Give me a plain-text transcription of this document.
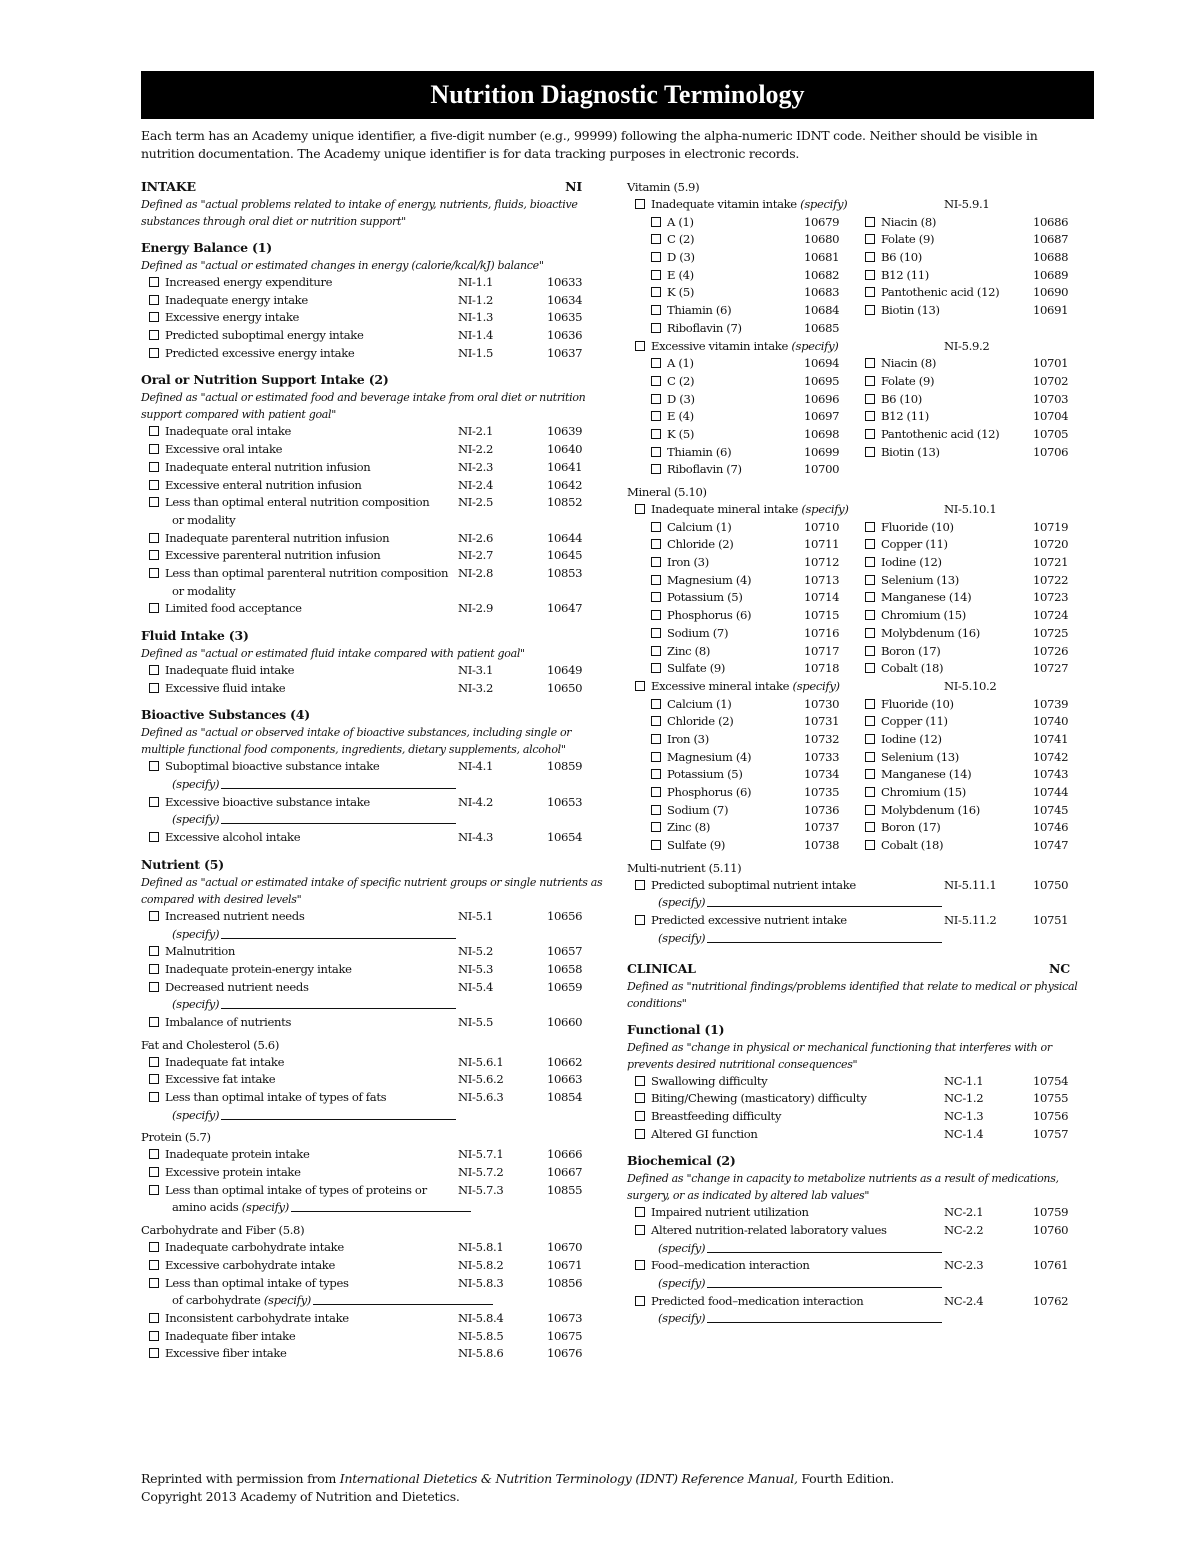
Nutrition Diagnostic Terminology
Each term has an Academy unique identifier, a five-digit number (e.g., 99999) following the alpha-numeric IDNT code. Neither should be visible in nutrition documentation. The Academy unique identifier is for data tracking purposes in electronic records.
INTAKE	NI
Defined as "actual problems related to intake of energy, nutrients, fluids, bioactive substances through oral diet or nutrition support"
Energy Balance (1)
Defined as "actual or estimated changes in energy (calorie/kcal/kJ) balance"
Increased energy expenditure	NI-1.1	10633
Inadequate energy intake	NI-1.2	10634
Excessive energy intake	NI-1.3	10635
Predicted suboptimal energy intake	NI-1.4	10636
Predicted excessive energy intake	NI-1.5	10637
Oral or Nutrition Support Intake (2)
Defined as "actual or estimated food and beverage intake from oral diet or nutrition support compared with patient goal"
Inadequate oral intake	NI-2.1	10639
Excessive oral intake	NI-2.2	10640
Inadequate enteral nutrition infusion	NI-2.3	10641
Excessive enteral nutrition infusion	NI-2.4	10642
Less than optimal enteral nutrition composition NI-2.5	10852
or modality
Inadequate parenteral nutrition infusion	NI-2.6	10644
Excessive parenteral nutrition infusion	NI-2.7	10645
Less than optimal parenteral nutrition composition NI-2.8	10853
or modality
Limited food acceptance	NI-2.9	10647
Fluid Intake (3)
Defined as "actual or estimated fluid intake compared with patient goal"
Inadequate fluid intake	NI-3.1	10649
Excessive fluid intake	NI-3.2	10650
Bioactive Substances (4)
Defined as "actual or observed intake of bioactive substances, including single or multiple functional food components, ingredients, dietary supplements, alcohol"
Suboptimal bioactive substance intake	NI-4.1	10859
(specify)
Excessive bioactive substance intake	NI-4.2	10653
(specify)
Excessive alcohol intake	NI-4.3	10654
Nutrient (5)
Defined as "actual or estimated intake of specific nutrient groups or single nutrients as compared with desired levels"
Increased nutrient needs	NI-5.1	10656
(specify)
Malnutrition	NI-5.2	10657
Inadequate protein-energy intake	NI-5.3	10658
Decreased nutrient needs	NI-5.4	10659
(specify)
Imbalance of nutrients	NI-5.5	10660
Fat and Cholesterol (5.6)
Inadequate fat intake	NI-5.6.1	10662
Excessive fat intake	NI-5.6.2	10663
Less than optimal intake of types of fats	NI-5.6.3	10854
(specify)
Protein (5.7)
Inadequate protein intake	NI-5.7.1	10666
Excessive protein intake	NI-5.7.2	10667
Less than optimal intake of types of proteins or	NI-5.7.3	10855
amino acids (specify)
Carbohydrate and Fiber (5.8)
Inadequate carbohydrate intake	NI-5.8.1	10670
Excessive carbohydrate intake	NI-5.8.2	10671
Less than optimal intake of types	NI-5.8.3	10856
of carbohydrate (specify)
Inconsistent carbohydrate intake	NI-5.8.4	10673
Inadequate fiber intake	NI-5.8.5	10675
Excessive fiber intake	NI-5.8.6	10676
Vitamin (5.9)
Inadequate vitamin intake (specify)	NI-5.9.1
A (1)	10679	Niacin (8)	10686
C (2)	10680	Folate (9)	10687
D (3)	10681	B6 (10)	10688
E (4)	10682	B12 (11)	10689
K (5)	10683	Pantothenic acid (12)	10690
Thiamin (6)	10684	Biotin (13)	10691
Riboflavin (7)	10685
Excessive vitamin intake (specify)	NI-5.9.2
A (1)	10694	Niacin (8)	10701
C (2)	10695	Folate (9)	10702
D (3)	10696	B6 (10)	10703
E (4)	10697	B12 (11)	10704
K (5)	10698	Pantothenic acid (12)	10705
Thiamin (6)	10699	Biotin (13)	10706
Riboflavin (7)	10700
Mineral (5.10)
Inadequate mineral intake (specify)	NI-5.10.1
Calcium (1)	10710	Fluoride (10)	10719
Chloride (2)	10711	Copper (11)	10720
Iron (3)	10712	Iodine (12)	10721
Magnesium (4)	10713	Selenium (13)	10722
Potassium (5)	10714	Manganese (14)	10723
Phosphorus (6)	10715	Chromium (15)	10724
Sodium (7)	10716	Molybdenum (16)	10725
Zinc (8)	10717	Boron (17)	10726
Sulfate (9)	10718	Cobalt (18)	10727
Excessive mineral intake (specify)	NI-5.10.2
Calcium (1)	10730	Fluoride (10)	10739
Chloride (2)	10731	Copper (11)	10740
Iron (3)	10732	Iodine (12)	10741
Magnesium (4)	10733	Selenium (13)	10742
Potassium (5)	10734	Manganese (14)	10743
Phosphorus (6)	10735	Chromium (15)	10744
Sodium (7)	10736	Molybdenum (16)	10745
Zinc (8)	10737	Boron (17)	10746
Sulfate (9)	10738	Cobalt (18)	10747
Multi-nutrient (5.11)
Predicted suboptimal nutrient intake	NI-5.11.1	10750
(specify)
Predicted excessive nutrient intake	NI-5.11.2	10751
(specify)
CLINICAL	NC
Defined as "nutritional findings/problems identified that relate to medical or physical conditions"
Functional (1)
Defined as "change in physical or mechanical functioning that interferes with or prevents desired nutritional consequences"
Swallowing difficulty	NC-1.1	10754
Biting/Chewing (masticatory) difficulty	NC-1.2	10755
Breastfeeding difficulty	NC-1.3	10756
Altered GI function	NC-1.4	10757
Biochemical (2)
Defined as "change in capacity to metabolize nutrients as a result of medications, surgery, or as indicated by altered lab values"
Impaired nutrient utilization	NC-2.1	10759
Altered nutrition-related laboratory values	NC-2.2	10760
(specify)
Food–medication interaction	NC-2.3	10761
(specify)
Predicted food–medication interaction	NC-2.4	10762
(specify)
Reprinted with permission from International Dietetics & Nutrition Terminology (IDNT) Reference Manual, Fourth Edition.
Copyright 2013 Academy of Nutrition and Dietetics.
